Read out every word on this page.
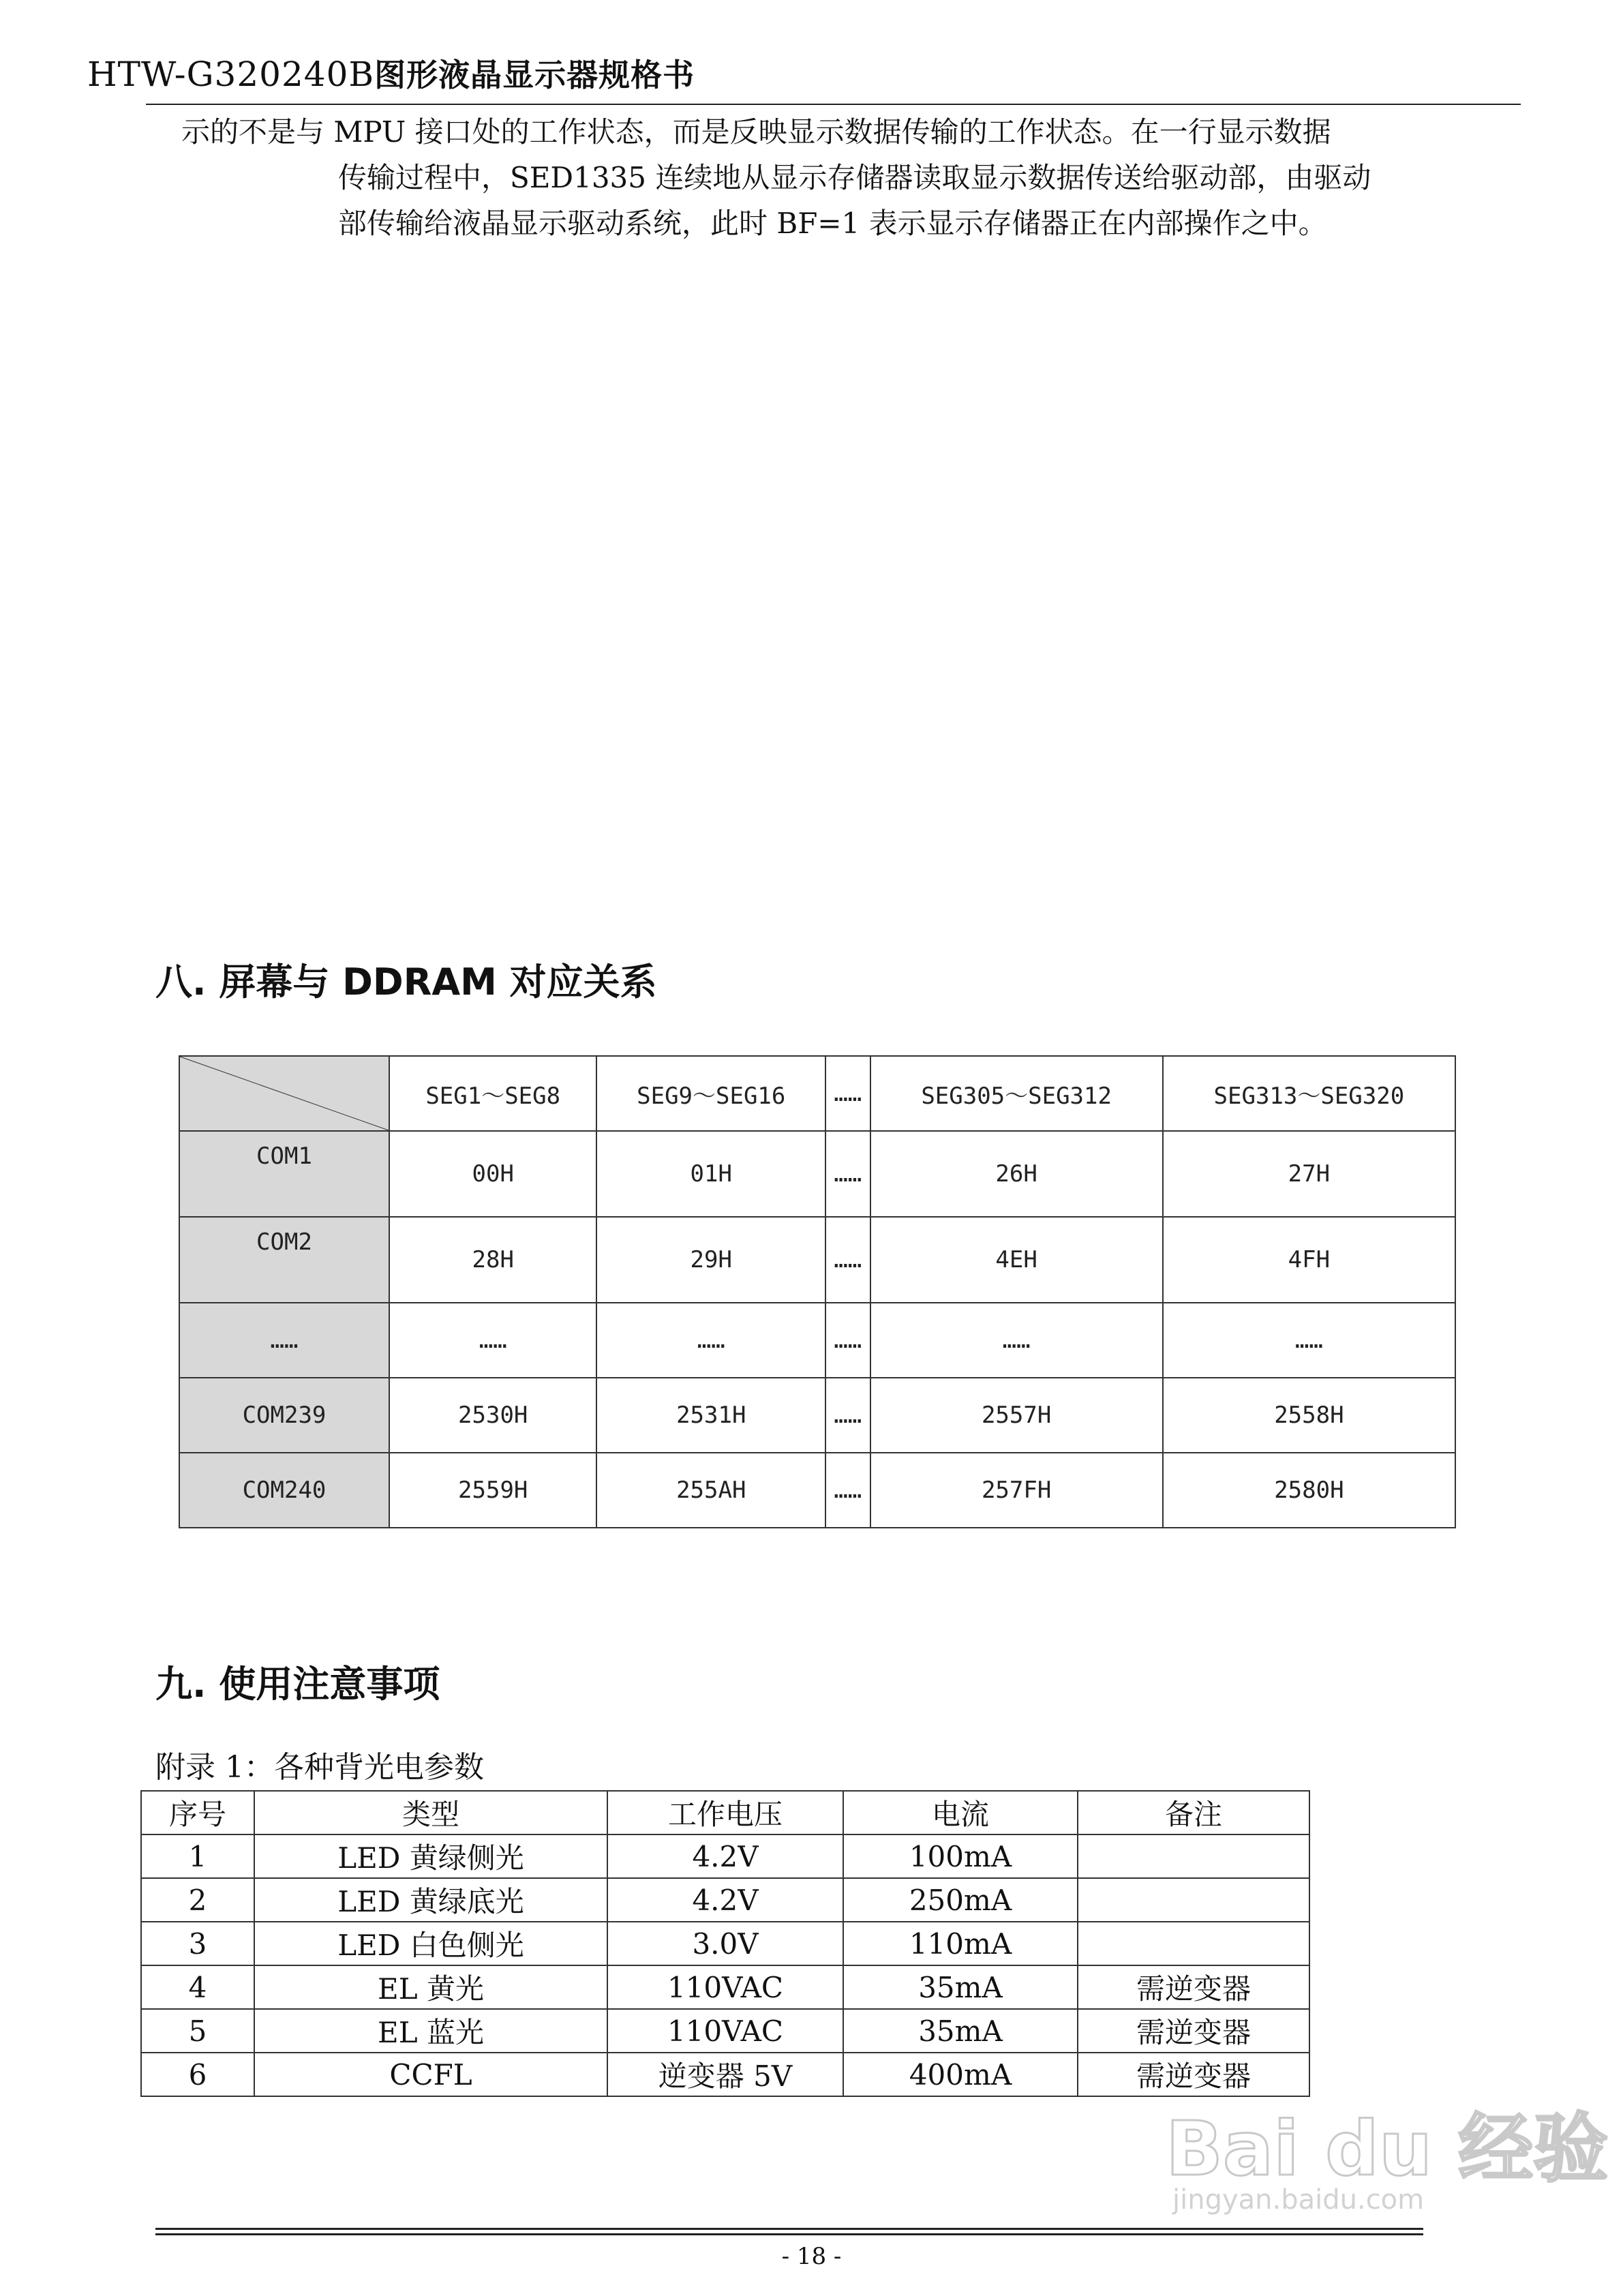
HTW-G320240B图形液晶显示器规格书

示的不是与 MPU 接口处的工作状态，而是反映显示数据传输的工作状态。在一行显示数据

传输过程中，SED1335 连续地从显示存储器读取显示数据传送给驱动部，由驱动

部传输给液晶显示驱动系统，此时 BF=1 表示显示存储器正在内部操作之中。

八. 屏幕与 DDRAM 对应关系
	SEG1～SEG8	SEG9～SEG16	……	SEG305～SEG312	SEG313～SEG320
COM1	00H	01H	……	26H	27H
COM2	28H	29H	……	4EH	4FH
……	……	……	……	……	……
COM239	2530H	2531H	……	2557H	2558H
COM240	2559H	255AH	……	257FH	2580H
九. 使用注意事项
附录 1：各种背光电参数
序号	类型	工作电压	电流	备注
1	LED 黄绿侧光	4.2V	100mA	
2	LED 黄绿底光	4.2V	250mA	
3	LED 白色侧光	3.0V	110mA	
4	EL 黄光	110VAC	35mA	需逆变器
5	EL 蓝光	110VAC	35mA	需逆变器
6	CCFL	逆变器 5V	400mA	需逆变器
Bai du 经验
jingyan.baidu.com
- 18 -
